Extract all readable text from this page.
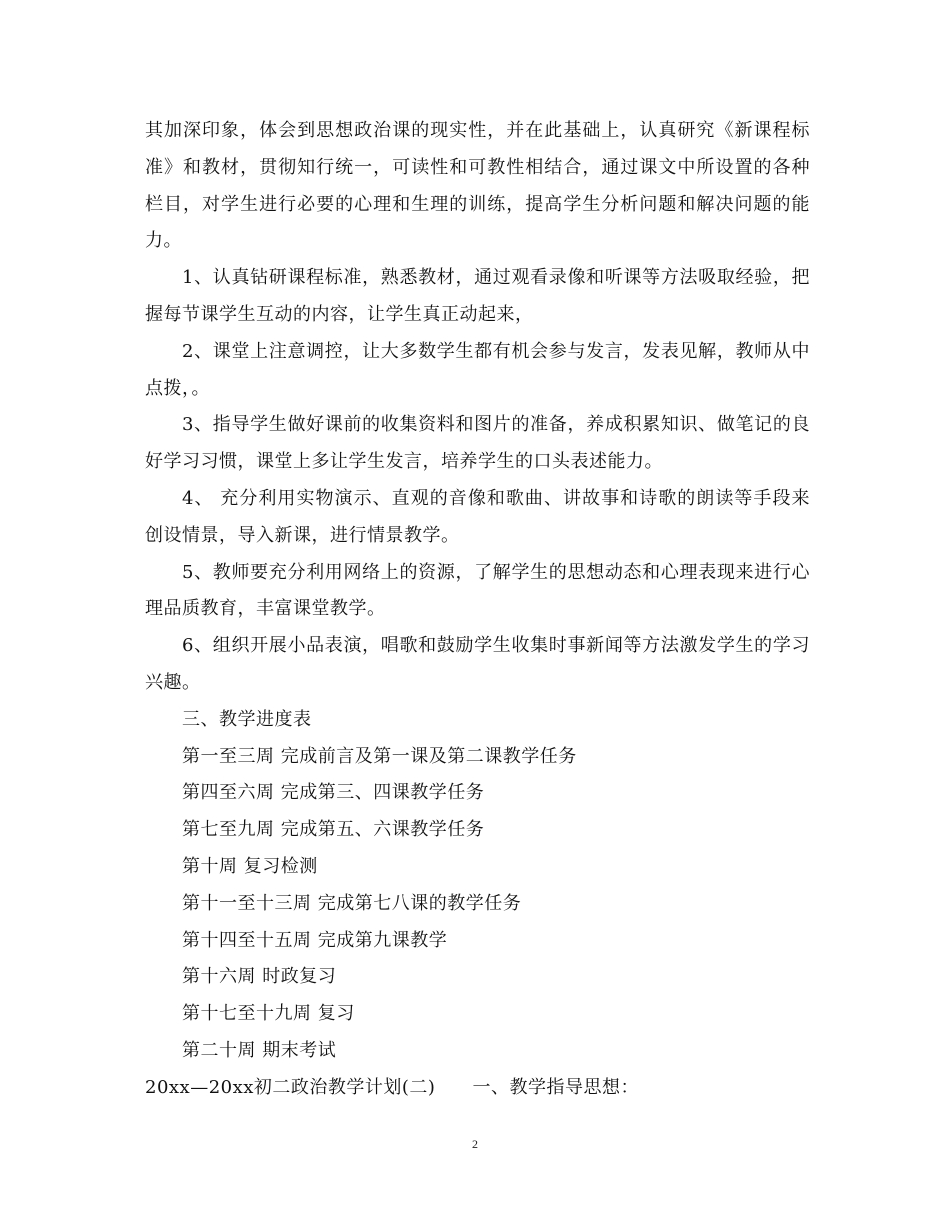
其加深印象，体会到思想政治课的现实性，并在此基础上，认真研究《新课程标准》和教材，贯彻知行统一，可读性和可教性相结合，通过课文中所设置的各种栏目，对学生进行必要的心理和生理的训练，提高学生分析问题和解决问题的能力。

1、认真钻研课程标准，熟悉教材，通过观看录像和听课等方法吸取经验，把握每节课学生互动的内容，让学生真正动起来，

2、课堂上注意调控，让大多数学生都有机会参与发言，发表见解，教师从中点拨，。

3、指导学生做好课前的收集资料和图片的准备，养成积累知识、做笔记的良好学习习惯，课堂上多让学生发言，培养学生的口头表述能力。

4、 充分利用实物演示、直观的音像和歌曲、讲故事和诗歌的朗读等手段来创设情景，导入新课，进行情景教学。

5、教师要充分利用网络上的资源，了解学生的思想动态和心理表现来进行心理品质教育，丰富课堂教学。

6、组织开展小品表演，唱歌和鼓励学生收集时事新闻等方法激发学生的学习兴趣。

三、教学进度表

第一至三周 完成前言及第一课及第二课教学任务

第四至六周 完成第三、四课教学任务

第七至九周 完成第五、六课教学任务

第十周 复习检测

第十一至十三周 完成第七八课的教学任务

第十四至十五周 完成第九课教学

第十六周 时政复习

第十七至十九周 复习

第二十周 期末考试

20xx—20xx初二政治教学计划(二)　　一、教学指导思想：

2
